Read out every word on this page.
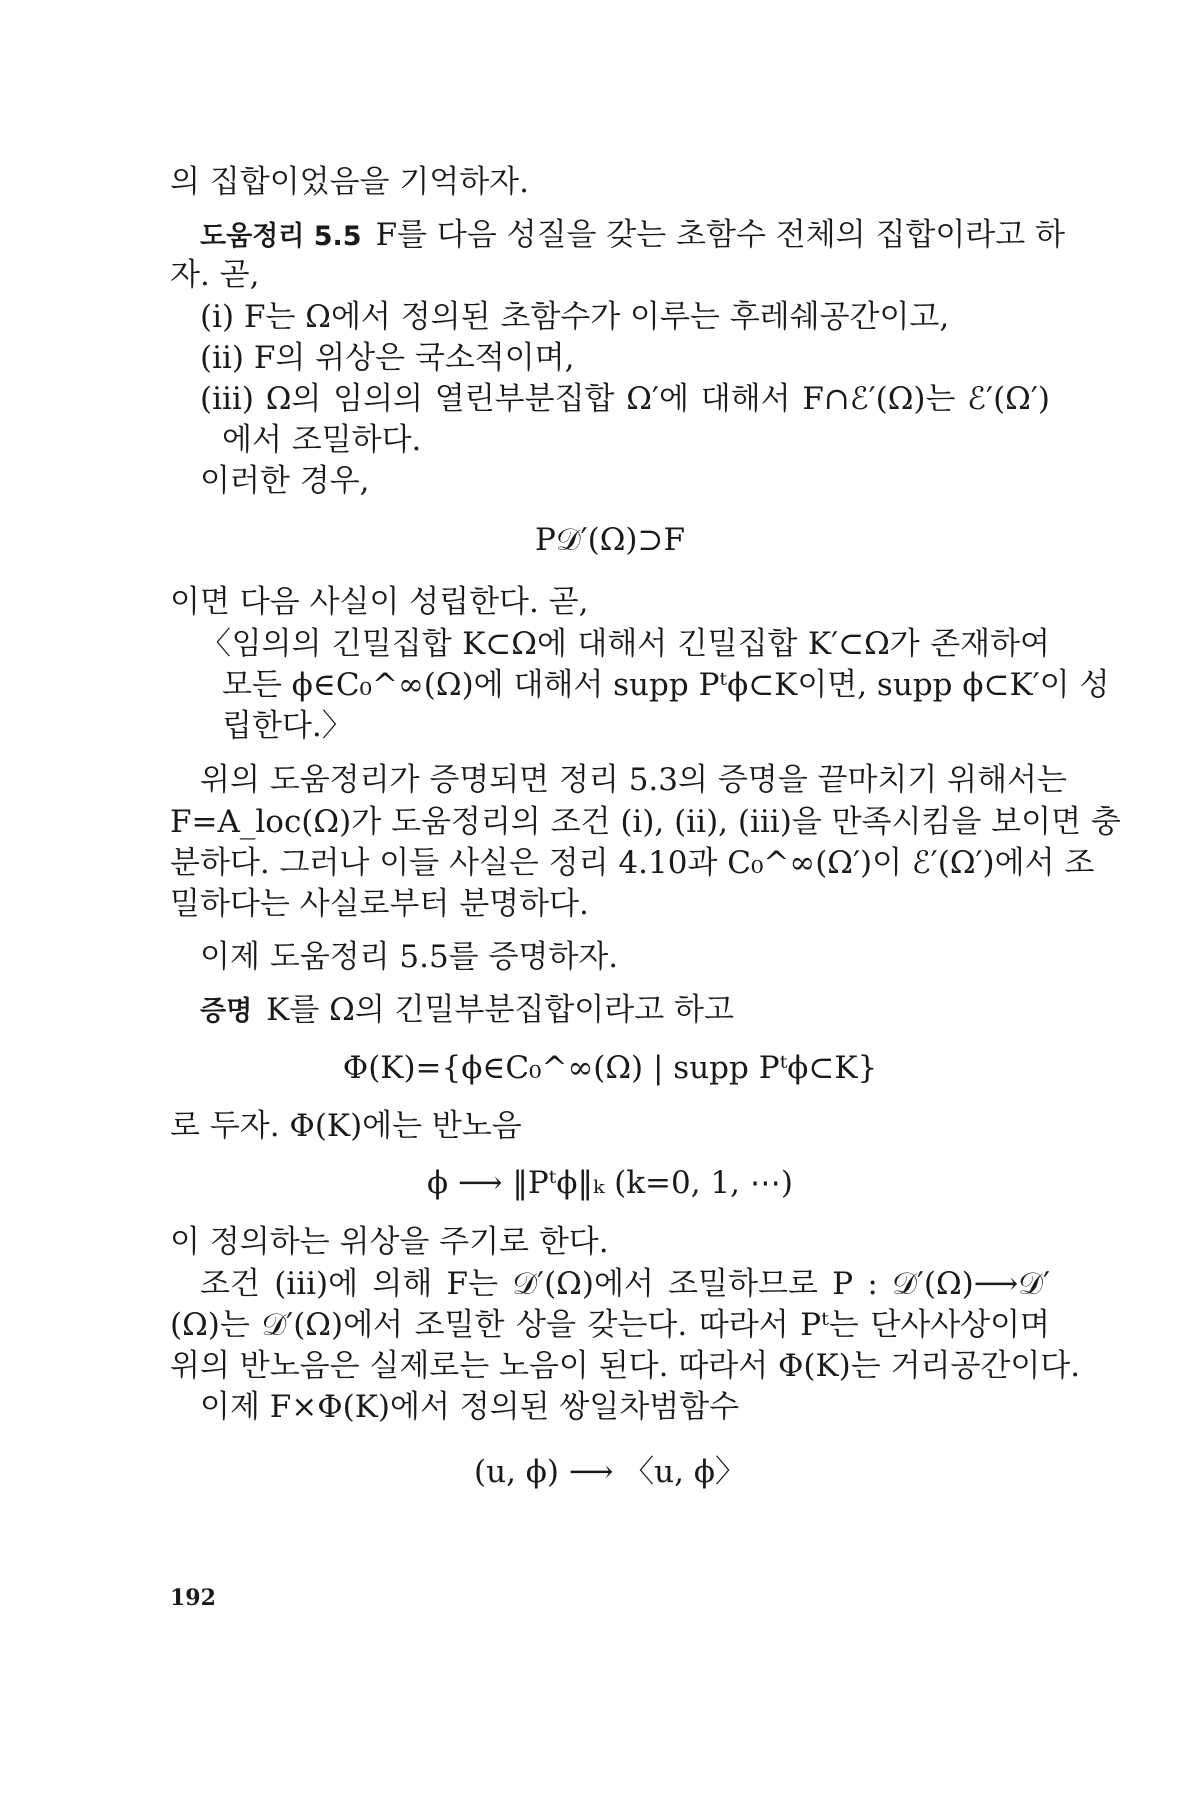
의 집합이었음을 기억하자.
도움정리 5.5 F를 다음 성질을 갖는 초함수 전체의 집합이라고 하
자. 곧,
(i) F는 Ω에서 정의된 초함수가 이루는 후레쉐공간이고,
(ii) F의 위상은 국소적이며,
(iii) Ω의 임의의 열린부분집합 Ω′에 대해서 F∩ℰ′(Ω)는 ℰ′(Ω′)
에서 조밀하다.
이러한 경우,
P𝒟′(Ω)⊃F
이면 다음 사실이 성립한다. 곧,
〈임의의 긴밀집합 K⊂Ω에 대해서 긴밀집합 K′⊂Ω가 존재하여
모든 ϕ∈C₀^∞(Ω)에 대해서 supp Pᵗϕ⊂K이면, supp ϕ⊂K′이 성
립한다.〉
위의 도움정리가 증명되면 정리 5.3의 증명을 끝마치기 위해서는
F=A_loc(Ω)가 도움정리의 조건 (i), (ii), (iii)을 만족시킴을 보이면 충
분하다. 그러나 이들 사실은 정리 4.10과 C₀^∞(Ω′)이 ℰ′(Ω′)에서 조
밀하다는 사실로부터 분명하다.
이제 도움정리 5.5를 증명하자.
증명 K를 Ω의 긴밀부분집합이라고 하고
Φ(K)={ϕ∈C₀^∞(Ω) | supp Pᵗϕ⊂K}
로 두자. Φ(K)에는 반노음
ϕ ⟶ ‖Pᵗϕ‖ₖ (k=0, 1, ⋯)
이 정의하는 위상을 주기로 한다.
조건 (iii)에 의해 F는 𝒟′(Ω)에서 조밀하므로 P : 𝒟′(Ω)⟶𝒟′
(Ω)는 𝒟′(Ω)에서 조밀한 상을 갖는다. 따라서 Pᵗ는 단사사상이며
위의 반노음은 실제로는 노음이 된다. 따라서 Φ(K)는 거리공간이다.
이제 F×Φ(K)에서 정의된 쌍일차범함수
(u, ϕ) ⟶ 〈u, ϕ〉
192
